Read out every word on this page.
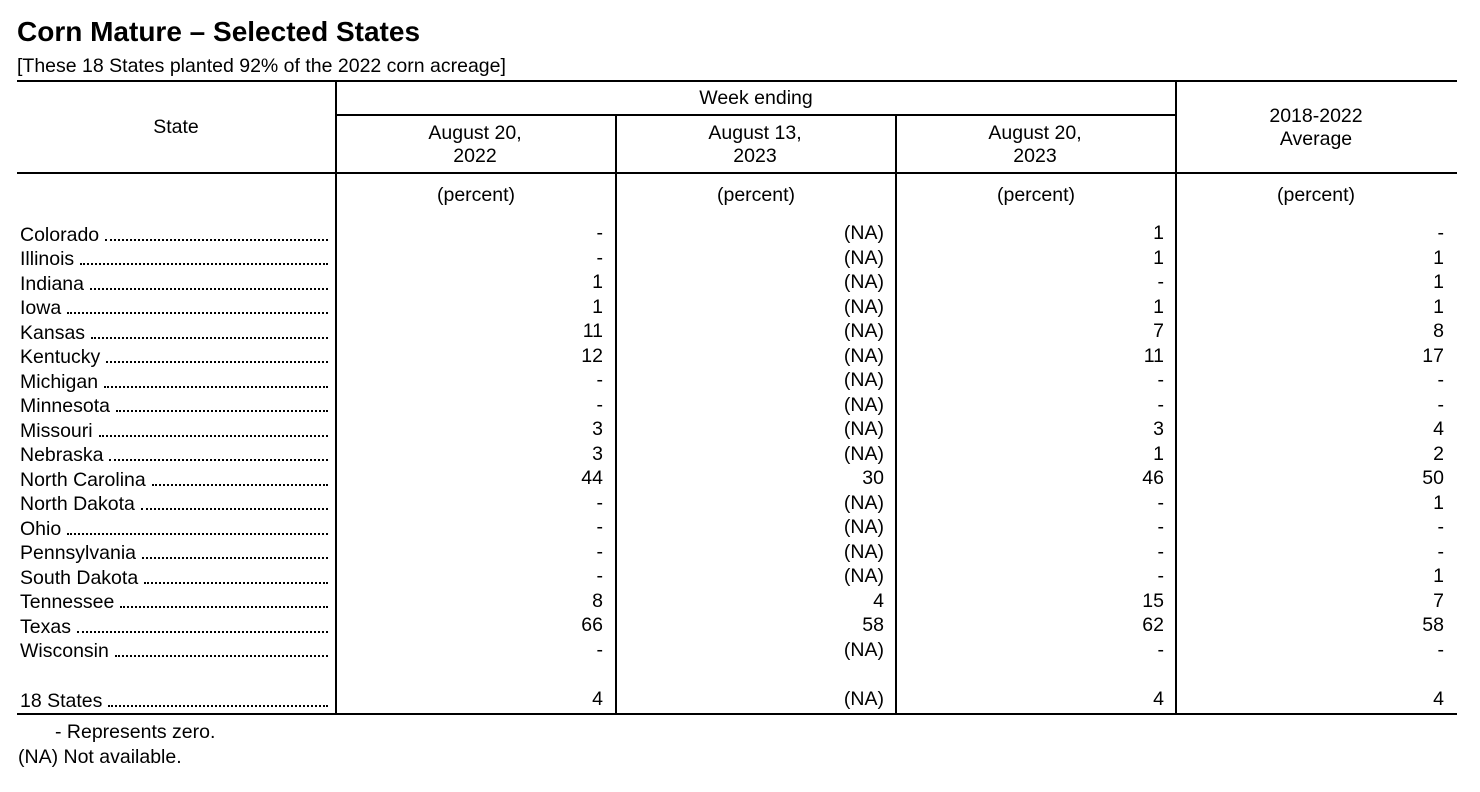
Corn Mature – Selected States
[These 18 States planted 92% of the 2022 corn acreage]
State
Week ending
August 20, 2022
August 13, 2023
August 20, 2023
2018-2022 Average
(percent)	(percent)	(percent)	(percent)
Colorado	-	(NA)	1	-
Illinois	-	(NA)	1	1
Indiana	1	(NA)	-	1
Iowa	1	(NA)	1	1
Kansas	11	(NA)	7	8
Kentucky	12	(NA)	11	17
Michigan	-	(NA)	-	-
Minnesota	-	(NA)	-	-
Missouri	3	(NA)	3	4
Nebraska	3	(NA)	1	2
North Carolina	44	30	46	50
North Dakota	-	(NA)	-	1
Ohio	-	(NA)	-	-
Pennsylvania	-	(NA)	-	-
South Dakota	-	(NA)	-	1
Tennessee	8	4	15	7
Texas	66	58	62	58
Wisconsin	-	(NA)	-	-
18 States	4	(NA)	4	4
- Represents zero.
(NA) Not available.
